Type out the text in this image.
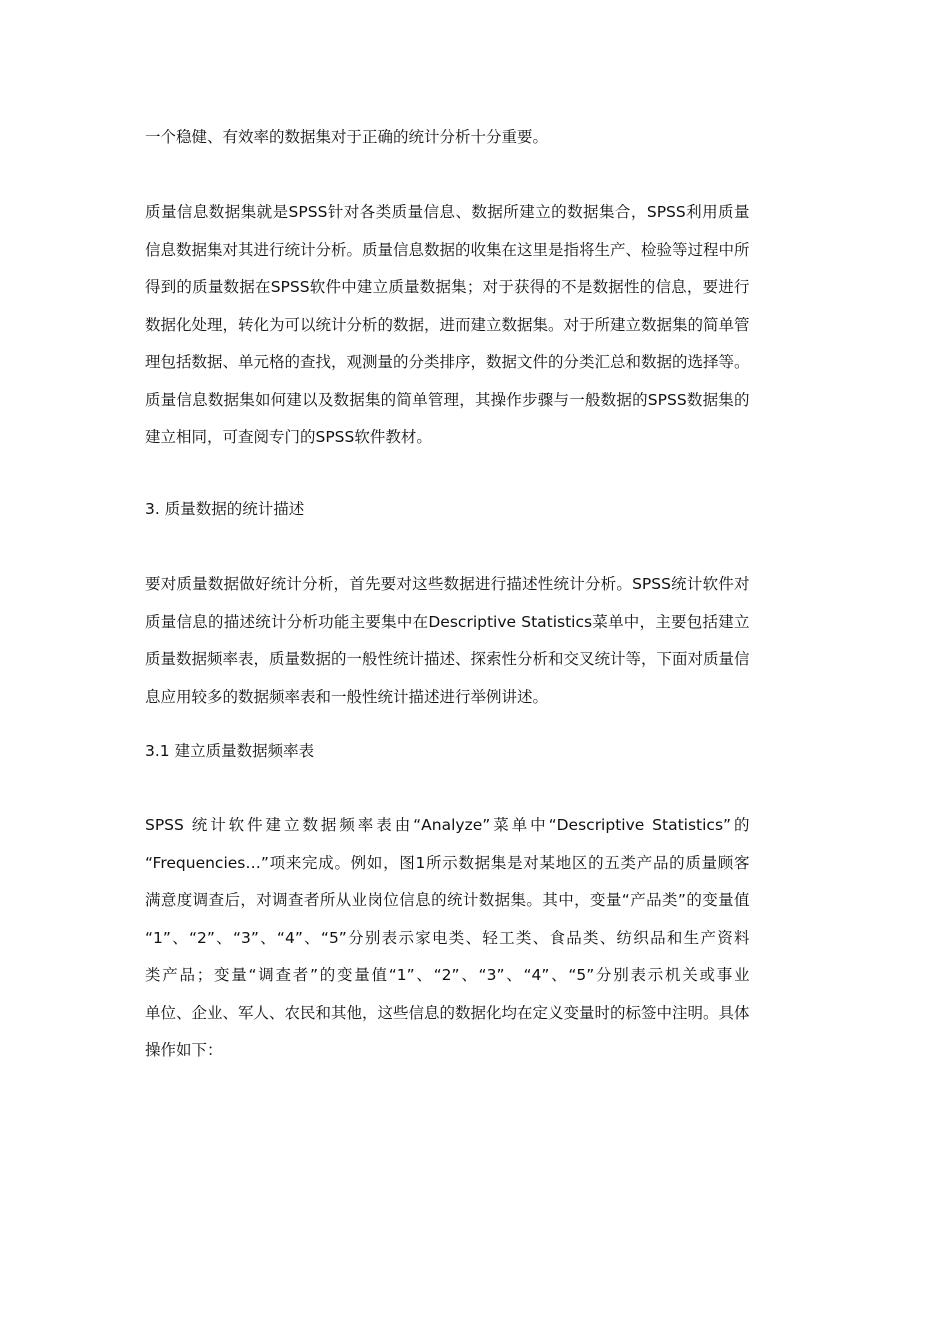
一个稳健、有效率的数据集对于正确的统计分析十分重要。

质量信息数据集就是SPSS针对各类质量信息、数据所建立的数据集合，SPSS利用质量
信息数据集对其进行统计分析。质量信息数据的收集在这里是指将生产、检验等过程中所
得到的质量数据在SPSS软件中建立质量数据集；对于获得的不是数据性的信息，要进行
数据化处理，转化为可以统计分析的数据，进而建立数据集。对于所建立数据集的简单管
理包括数据、单元格的查找，观测量的分类排序，数据文件的分类汇总和数据的选择等。
质量信息数据集如何建以及数据集的简单管理，其操作步骤与一般数据的SPSS数据集的
建立相同，可查阅专门的SPSS软件教材。

3. 质量数据的统计描述

要对质量数据做好统计分析，首先要对这些数据进行描述性统计分析。SPSS统计软件对
质量信息的描述统计分析功能主要集中在Descriptive Statistics菜单中，主要包括建立
质量数据频率表，质量数据的一般性统计描述、探索性分析和交叉统计等，下面对质量信
息应用较多的数据频率表和一般性统计描述进行举例讲述。

3.1 建立质量数据频率表

SPSS 统计软件建立数据频率表由“Analyze”菜单中“Descriptive Statistics”的
“Frequencies…”项来完成。例如，图1所示数据集是对某地区的五类产品的质量顾客
满意度调查后，对调查者所从业岗位信息的统计数据集。其中，变量“产品类”的变量值
“1”、“2”、“3”、“4”、“5”分别表示家电类、轻工类、食品类、纺织品和生产资料
类产品；变量“调查者”的变量值“1”、“2”、“3”、“4”、“5”分别表示机关或事业
单位、企业、军人、农民和其他，这些信息的数据化均在定义变量时的标签中注明。具体
操作如下：
